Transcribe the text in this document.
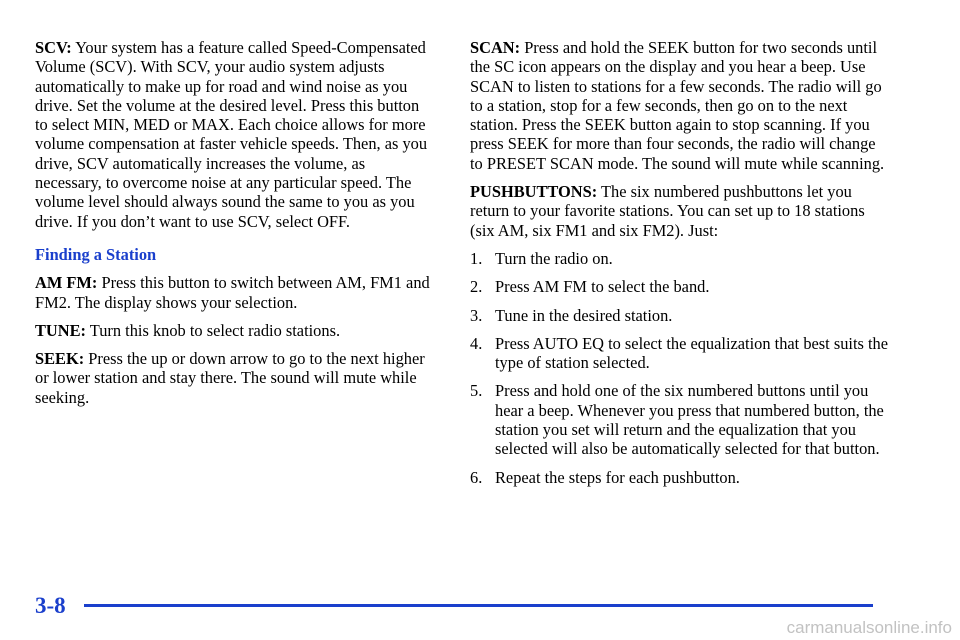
SCV: Your system has a feature called Speed-Compensated Volume (SCV). With SCV, your audio system adjusts automatically to make up for road and wind noise as you drive. Set the volume at the desired level. Press this button to select MIN, MED or MAX. Each choice allows for more volume compensation at faster vehicle speeds. Then, as you drive, SCV automatically increases the volume, as necessary, to overcome noise at any particular speed. The volume level should always sound the same to you as you drive. If you don’t want to use SCV, select OFF.

Finding a Station

AM FM: Press this button to switch between AM, FM1 and FM2. The display shows your selection.

TUNE: Turn this knob to select radio stations.

SEEK: Press the up or down arrow to go to the next higher or lower station and stay there. The sound will mute while seeking.

SCAN: Press and hold the SEEK button for two seconds until the SC icon appears on the display and you hear a beep. Use SCAN to listen to stations for a few seconds. The radio will go to a station, stop for a few seconds, then go on to the next station. Press the SEEK button again to stop scanning. If you press SEEK for more than four seconds, the radio will change to PRESET SCAN mode. The sound will mute while scanning.

PUSHBUTTONS: The six numbered pushbuttons let you return to your favorite stations. You can set up to 18 stations (six AM, six FM1 and six FM2). Just:

1. Turn the radio on.
2. Press AM FM to select the band.
3. Tune in the desired station.
4. Press AUTO EQ to select the equalization that best suits the type of station selected.
5. Press and hold one of the six numbered buttons until you hear a beep. Whenever you press that numbered button, the station you set will return and the equalization that you selected will also be automatically selected for that button.
6. Repeat the steps for each pushbutton.
3-8
carmanualsonline.info
